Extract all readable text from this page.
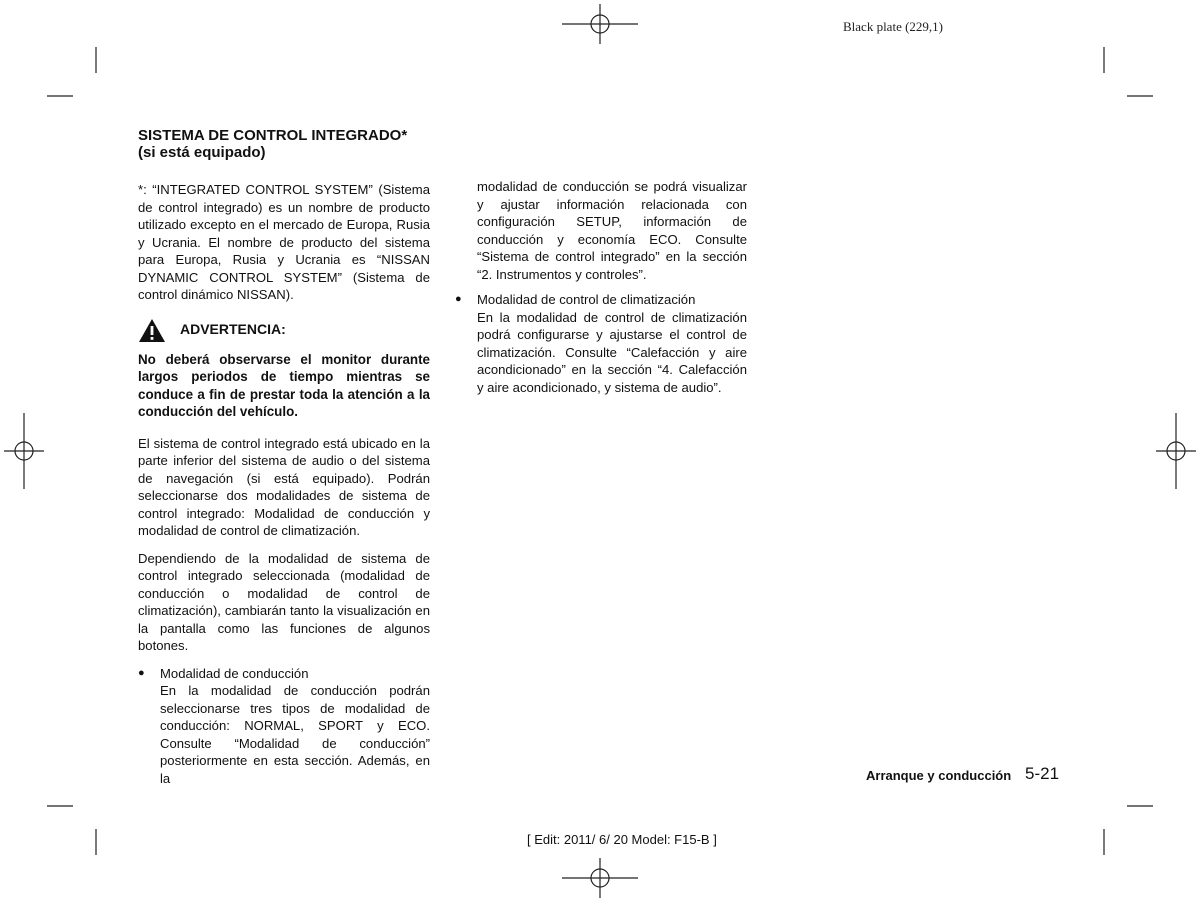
Black plate (229,1)
SISTEMA DE CONTROL INTEGRADO*
(si está equipado)

*: “INTEGRATED CONTROL SYSTEM” (Sistema de control integrado) es un nombre de producto utilizado excepto en el mercado de Europa, Rusia y Ucrania. El nombre de producto del sistema para Europa, Rusia y Ucrania es “NISSAN DYNAMIC CONTROL SYSTEM” (Sistema de control dinámico NISSAN).

ADVERTENCIA:
No deberá observarse el monitor durante largos periodos de tiempo mientras se conduce a fin de prestar toda la atención a la conducción del vehículo.

El sistema de control integrado está ubicado en la parte inferior del sistema de audio o del sistema de navegación (si está equipado). Podrán seleccionarse dos modalidades de sistema de control integrado: Modalidad de conducción y modalidad de control de climatización.

Dependiendo de la modalidad de sistema de control integrado seleccionada (modalidad de conducción o modalidad de control de climatización), cambiarán tanto la visualización en la pantalla como las funciones de algunos botones.

●	Modalidad de conducción
En la modalidad de conducción podrán seleccionarse tres tipos de modalidad de conducción: NORMAL, SPORT y ECO. Consulte “Modalidad de conducción” posteriormente en esta sección. Además, en la
modalidad de conducción se podrá visualizar y ajustar información relacionada con configuración SETUP, información de conducción y economía ECO. Consulte “Sistema de control integrado” en la sección “2. Instrumentos y controles”.
●	Modalidad de control de climatización
En la modalidad de control de climatización podrá configurarse y ajustarse el control de climatización. Consulte “Calefacción y aire acondicionado” en la sección “4. Calefacción y aire acondicionado, y sistema de audio”.
Arranque y conducción 5-21
[ Edit: 2011/ 6/ 20 Model: F15-B ]
